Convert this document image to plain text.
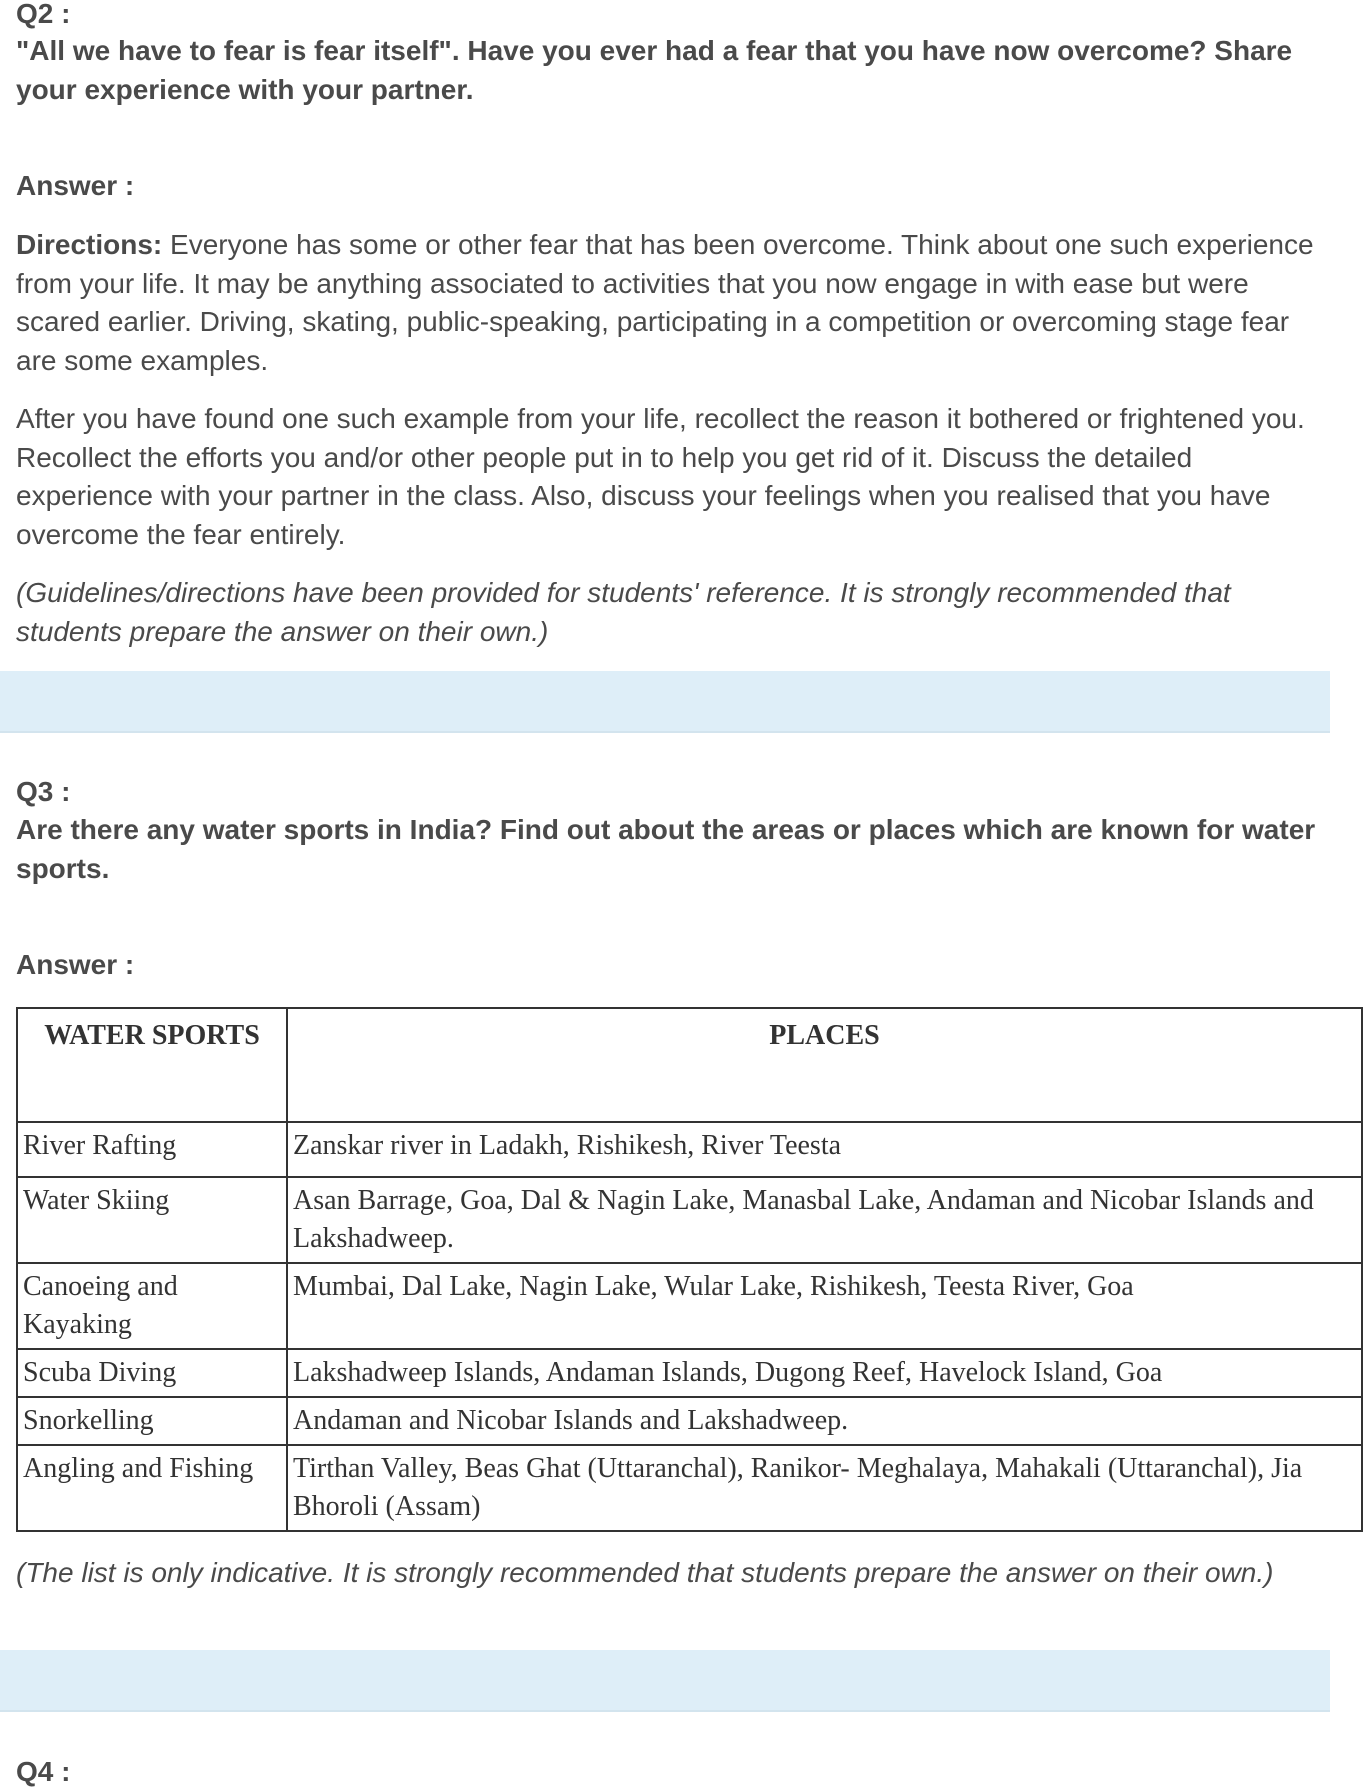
Q2 :
"All we have to fear is fear itself". Have you ever had a fear that you have now overcome? Share your experience with your partner.
Answer :
Directions: Everyone has some or other fear that has been overcome. Think about one such experience from your life. It may be anything associated to activities that you now engage in with ease but were scared earlier. Driving, skating, public-speaking, participating in a competition or overcoming stage fear are some examples.
After you have found one such example from your life, recollect the reason it bothered or frightened you. Recollect the efforts you and/or other people put in to help you get rid of it. Discuss the detailed experience with your partner in the class. Also, discuss your feelings when you realised that you have overcome the fear entirely.
(Guidelines/directions have been provided for students' reference. It is strongly recommended that students prepare the answer on their own.)
Q3 :
Are there any water sports in India? Find out about the areas or places which are known for water sports.
Answer :
WATER SPORTS	PLACES
River Rafting	Zanskar river in Ladakh, Rishikesh, River Teesta
Water Skiing	Asan Barrage, Goa, Dal & Nagin Lake, Manasbal Lake, Andaman and Nicobar Islands and Lakshadweep.
Canoeing and Kayaking	Mumbai, Dal Lake, Nagin Lake, Wular Lake, Rishikesh, Teesta River, Goa
Scuba Diving	Lakshadweep Islands, Andaman Islands, Dugong Reef, Havelock Island, Goa
Snorkelling	Andaman and Nicobar Islands and Lakshadweep.
Angling and Fishing	Tirthan Valley, Beas Ghat (Uttaranchal), Ranikor- Meghalaya, Mahakali (Uttaranchal), Jia Bhoroli (Assam)
(The list is only indicative. It is strongly recommended that students prepare the answer on their own.)
Q4 :
